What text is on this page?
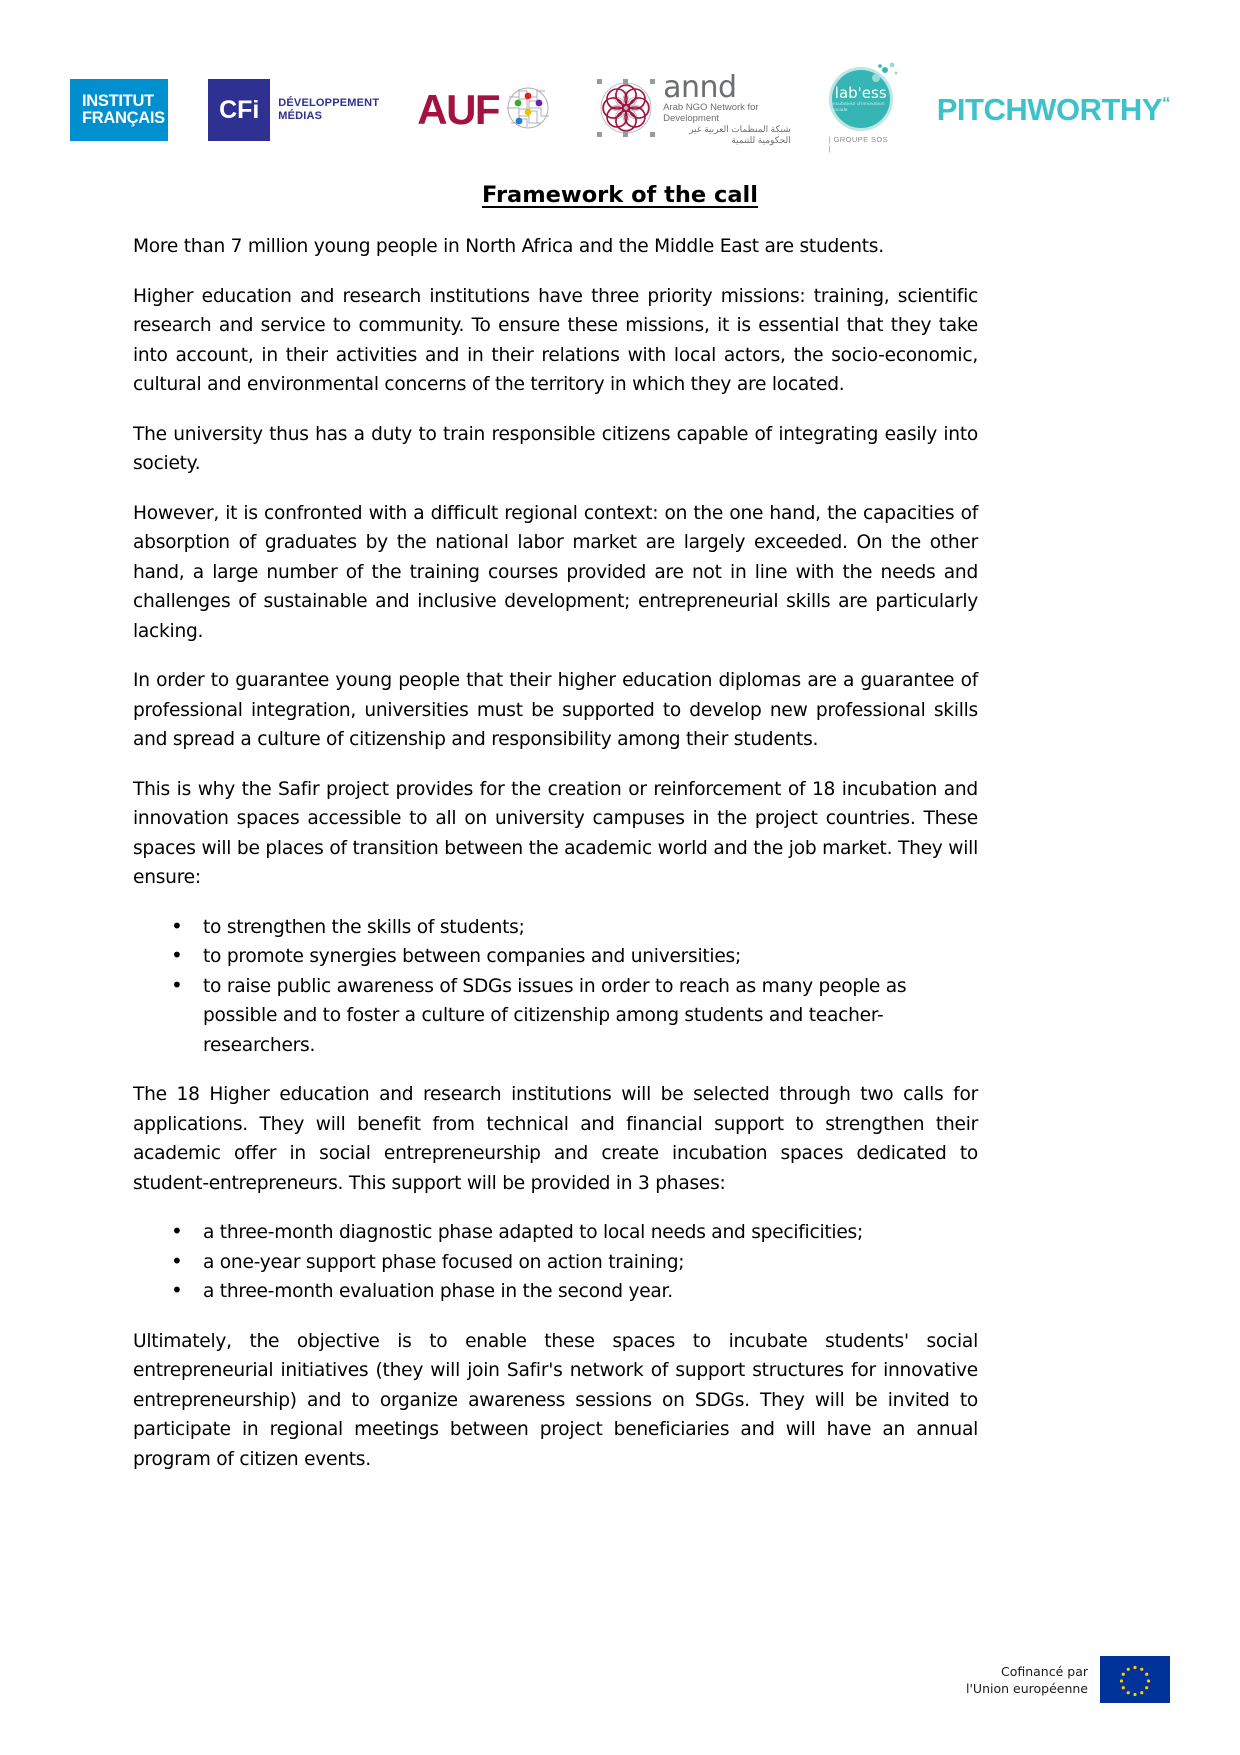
INSTITUT
FRANÇAIS CFi DÉVELOPPEMENT
MÉDIAS	AUF	annd
Arab NGO Network for Development
شبكة المنظمات العربية غير الحكومية للتنمية
lab'ess
incubateur d'innovation sociale
| GROUPE SOS |
PITCHWORTHY“
Framework of the call

More than 7 million young people in North Africa and the Middle East are students.

Higher education and research institutions have three priority missions: training, scientific research and service to community. To ensure these missions, it is essential that they take into account, in their activities and in their relations with local actors, the socio-economic, cultural and environmental concerns of the territory in which they are located.

The university thus has a duty to train responsible citizens capable of integrating easily into society.

However, it is confronted with a difficult regional context: on the one hand, the capacities of absorption of graduates by the national labor market are largely exceeded. On the other hand, a large number of the training courses provided are not in line with the needs and challenges of sustainable and inclusive development; entrepreneurial skills are particularly lacking.

In order to guarantee young people that their higher education diplomas are a guarantee of professional integration, universities must be supported to develop new professional skills and spread a culture of citizenship and responsibility among their students.

This is why the Safir project provides for the creation or reinforcement of 18 incubation and innovation spaces accessible to all on university campuses in the project countries. These spaces will be places of transition between the academic world and the job market. They will ensure:

• to strengthen the skills of students;
• to promote synergies between companies and universities;
• to raise public awareness of SDGs issues in order to reach as many people as possible and to foster a culture of citizenship among students and teacher-researchers.

The 18 Higher education and research institutions will be selected through two calls for applications. They will benefit from technical and financial support to strengthen their academic offer in social entrepreneurship and create incubation spaces dedicated to student-entrepreneurs. This support will be provided in 3 phases:

• a three-month diagnostic phase adapted to local needs and specificities;
• a one-year support phase focused on action training;
• a three-month evaluation phase in the second year.

Ultimately, the objective is to enable these spaces to incubate students' social entrepreneurial initiatives (they will join Safir's network of support structures for innovative entrepreneurship) and to organize awareness sessions on SDGs. They will be invited to participate in regional meetings between project beneficiaries and will have an annual program of citizen events.

Cofinancé par
l'Union européenne
